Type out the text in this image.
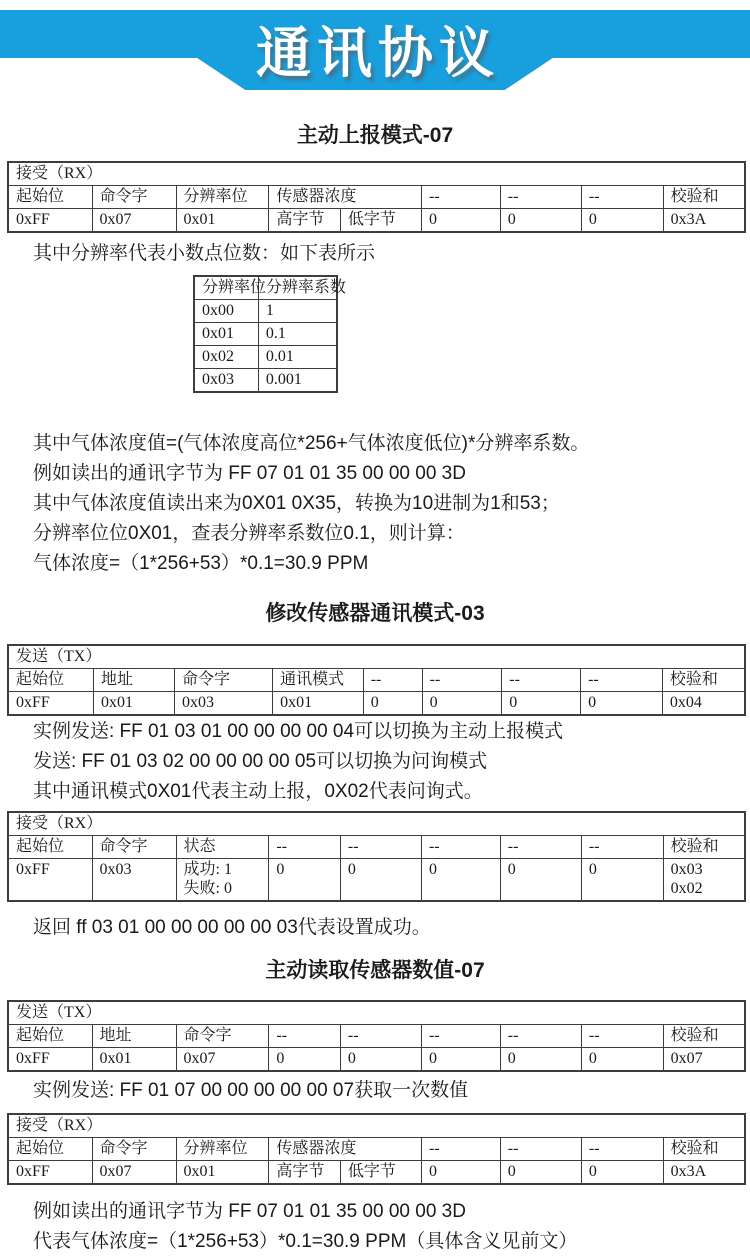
通讯协议
主动上报模式-07
接受（RX）								
起始位	命令字	分辨率位	传感器浓度		--	--	--	校验和
0xFF	0x07	0x01	高字节	低字节	0	0	0	0x3A

其中分辨率代表小数点位数：如下表所示

分辨率位	分辨率系数
0x00	1
0x01	0.1
0x02	0.01
0x03	0.001

其中气体浓度值=(气体浓度高位*256+气体浓度低位)*分辨率系数。

例如读出的通讯字节为 FF 07 01 01 35 00 00 00 3D

其中气体浓度值读出来为0X01 0X35，转换为10进制为1和53；

分辨率位位0X01，查表分辨率系数位0.1，则计算：

气体浓度=（1*256+53）*0.1=30.9 PPM

修改传感器通讯模式-03
发送（TX）								
起始位	地址	命令字	通讯模式	--	--	--	--	校验和
0xFF	0x01	0x03	0x01	0	0	0	0	0x04

实例发送: FF 01 03 01 00 00 00 00 04可以切换为主动上报模式

发送: FF 01 03 02 00 00 00 00 05可以切换为问询模式

其中通讯模式0X01代表主动上报，0X02代表问询式。

接受（RX）								
起始位	命令字	状态	--	--	--	--	--	校验和
0xFF	0x03	成功: 1
失败: 0	0	0	0	0	0	0x03
0x02

返回 ff 03 01 00 00 00 00 00 03代表设置成功。

主动读取传感器数值-07
发送（TX）								
起始位	地址	命令字	--	--	--	--	--	校验和
0xFF	0x01	0x07	0	0	0	0	0	0x07

实例发送: FF 01 07 00 00 00 00 00 07获取一次数值

接受（RX）								
起始位	命令字	分辨率位	传感器浓度		--	--	--	校验和
0xFF	0x07	0x01	高字节	低字节	0	0	0	0x3A

例如读出的通讯字节为 FF 07 01 01 35 00 00 00 3D

代表气体浓度=（1*256+53）*0.1=30.9 PPM（具体含义见前文）
